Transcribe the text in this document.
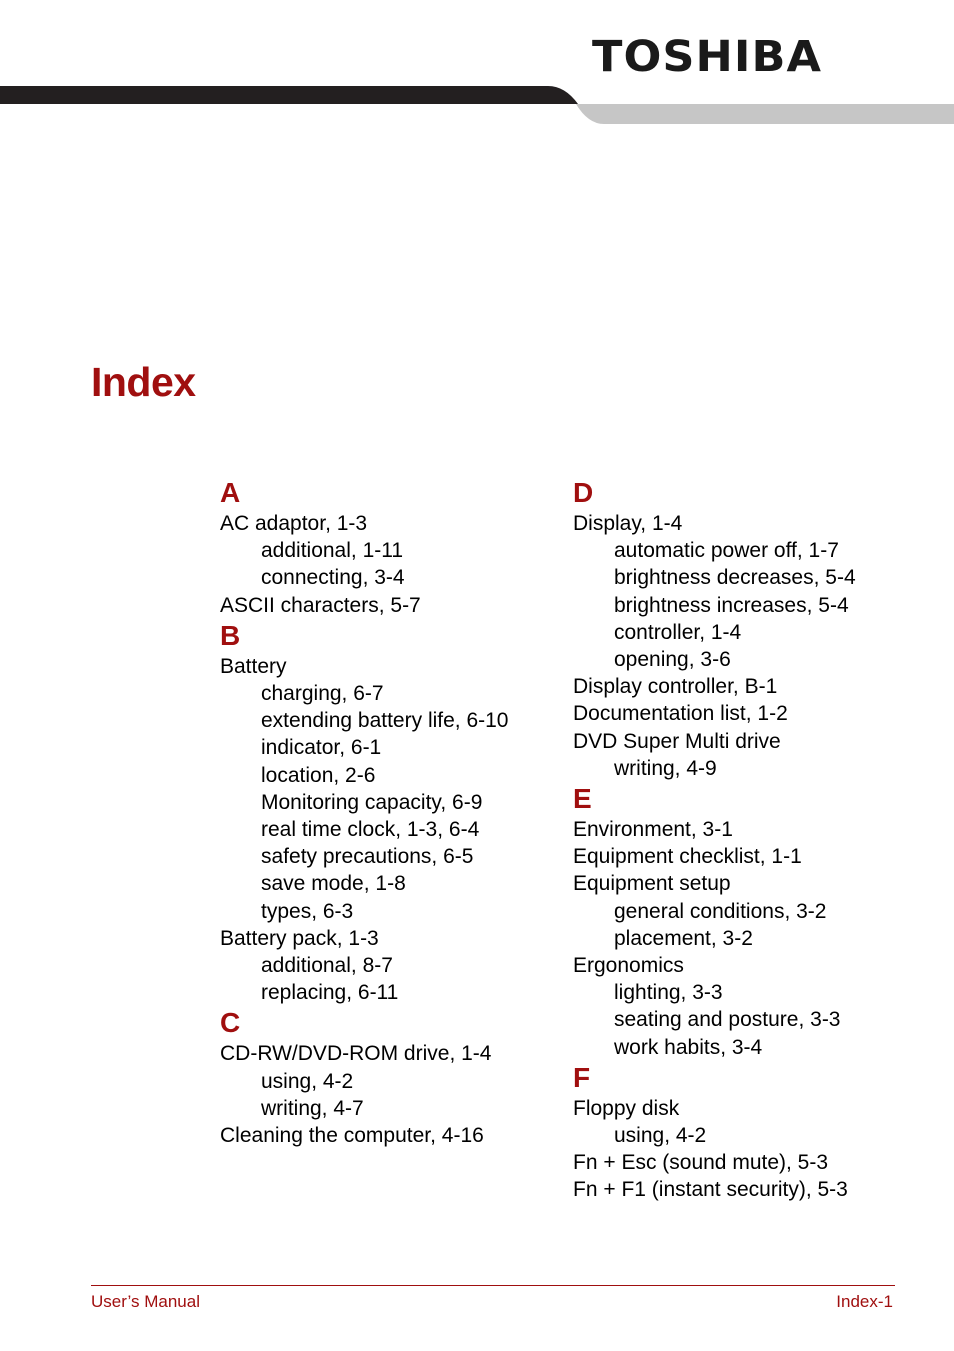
TOSHIBA
Index
A
AC adaptor, 1-3
additional, 1-11
connecting, 3-4
ASCII characters, 5-7
B
Battery
charging, 6-7
extending battery life, 6-10
indicator, 6-1
location, 2-6
Monitoring capacity, 6-9
real time clock, 1-3, 6-4
safety precautions, 6-5
save mode, 1-8
types, 6-3
Battery pack, 1-3
additional, 8-7
replacing, 6-11
C
CD-RW/DVD-ROM drive, 1-4
using, 4-2
writing, 4-7
Cleaning the computer, 4-16
D
Display, 1-4
automatic power off, 1-7
brightness decreases, 5-4
brightness increases, 5-4
controller, 1-4
opening, 3-6
Display controller, B-1
Documentation list, 1-2
DVD Super Multi drive
writing, 4-9
E
Environment, 3-1
Equipment checklist, 1-1
Equipment setup
general conditions, 3-2
placement, 3-2
Ergonomics
lighting, 3-3
seating and posture, 3-3
work habits, 3-4
F
Floppy disk
using, 4-2
Fn + Esc (sound mute), 5-3
Fn + F1 (instant security), 5-3
User’s Manual	Index-1
